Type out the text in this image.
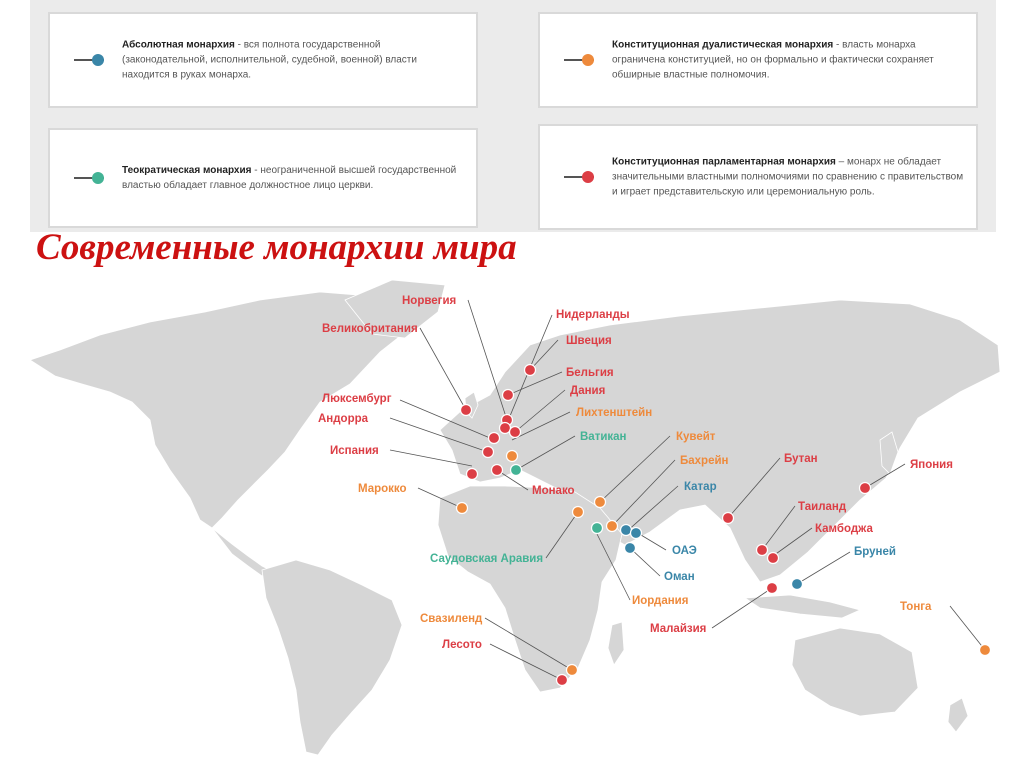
Абсолютная монархия - вся полнота государственной (законодательной, исполнительной, судебной, военной) власти находится в руках монарха.
Конституционная дуалистическая монархия - власть монарха ограничена конституцией, но он формально и фактически сохраняет обширные властные полномочия.
Теократическая монархия - неограниченной высшей государственной властью обладает главное должностное лицо церкви.
Конституционная парламентарная монархия – монарх не обладает значительными властными полномочиями по сравнению с правительством и играет представительскую или церемониальную роль.
Современные монархии мира
Норвегия
Нидерланды
Великобритания
Швеция
Бельгия
Дания
Люксембург
Лихтенштейн
Андорра
Ватикан
Испания
Кувейт
Бахрейн	Бутан	Япония
Марокко	Монако	Катар
Таиланд
Камбоджа
Саудовская Аравия
ОАЭ	Бруней
Оман
Иордания
Свазиленд
Лесото
Малайзия
Тонга
